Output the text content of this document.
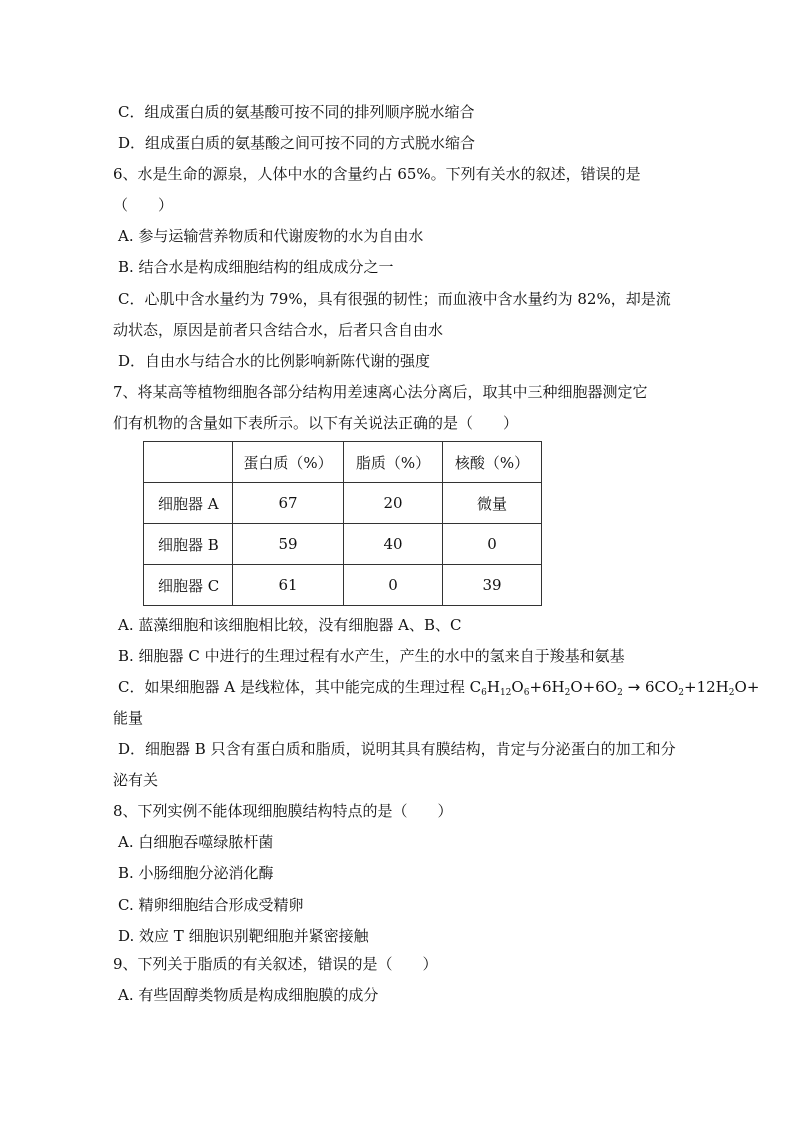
C．组成蛋白质的氨基酸可按不同的排列顺序脱水缩合
D．组成蛋白质的氨基酸之间可按不同的方式脱水缩合
6、水是生命的源泉，人体中水的含量约占 65%。下列有关水的叙述，错误的是
（　　）
A. 参与运输营养物质和代谢废物的水为自由水
B. 结合水是构成细胞结构的组成成分之一
C．心肌中含水量约为 79%，具有很强的韧性；而血液中含水量约为 82%，却是流
动状态，原因是前者只含结合水，后者只含自由水
D．自由水与结合水的比例影响新陈代谢的强度
7、将某高等植物细胞各部分结构用差速离心法分离后，取其中三种细胞器测定它
们有机物的含量如下表所示。以下有关说法正确的是（　　）
	蛋白质（%）	脂质（%）	核酸（%）
细胞器 A	67	20	微量
细胞器 B	59	40	0
细胞器 C	61	0	39
A. 蓝藻细胞和该细胞相比较，没有细胞器 A、B、C
B. 细胞器 C 中进行的生理过程有水产生，产生的水中的氢来自于羧基和氨基
C．如果细胞器 A 是线粒体，其中能完成的生理过程 $C_6H_{12}O_6+6H_2O+6O_2 \to 6CO_2+12H_2O+$
能量
D．细胞器 B 只含有蛋白质和脂质，说明其具有膜结构，肯定与分泌蛋白的加工和分
泌有关
8、下列实例不能体现细胞膜结构特点的是（　　）
A. 白细胞吞噬绿脓杆菌
B. 小肠细胞分泌消化酶
C. 精卵细胞结合形成受精卵
D. 效应 T 细胞识别靶细胞并紧密接触
9、下列关于脂质的有关叙述，错误的是（　　）
A. 有些固醇类物质是构成细胞膜的成分
